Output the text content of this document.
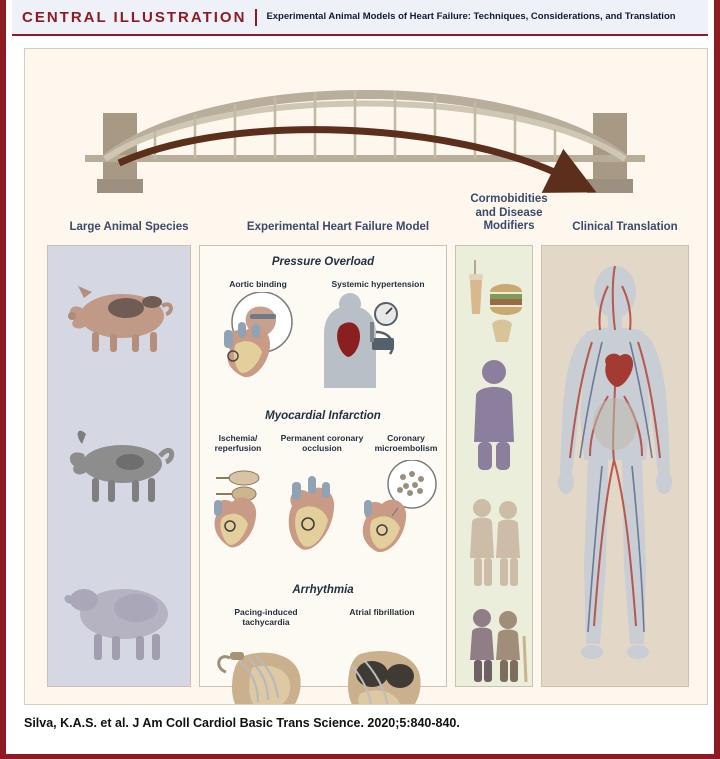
CENTRAL ILLUSTRATION	Experimental Animal Models of Heart Failure: Techniques, Considerations, and Translation
Large Animal Species	Experimental Heart Failure Model
Cormobidities and Disease Modifiers	Clinical Translation
Pressure Overload
Aortic binding	Systemic hypertension
Myocardial Infarction
Ischemia/ reperfusion
Permanent coronary occlusion
Coronary microembolism
Arrhythmia
Pacing-induced tachycardia
Atrial fibrillation
Silva, K.A.S. et al. J Am Coll Cardiol Basic Trans Science. 2020;5:840-840.
